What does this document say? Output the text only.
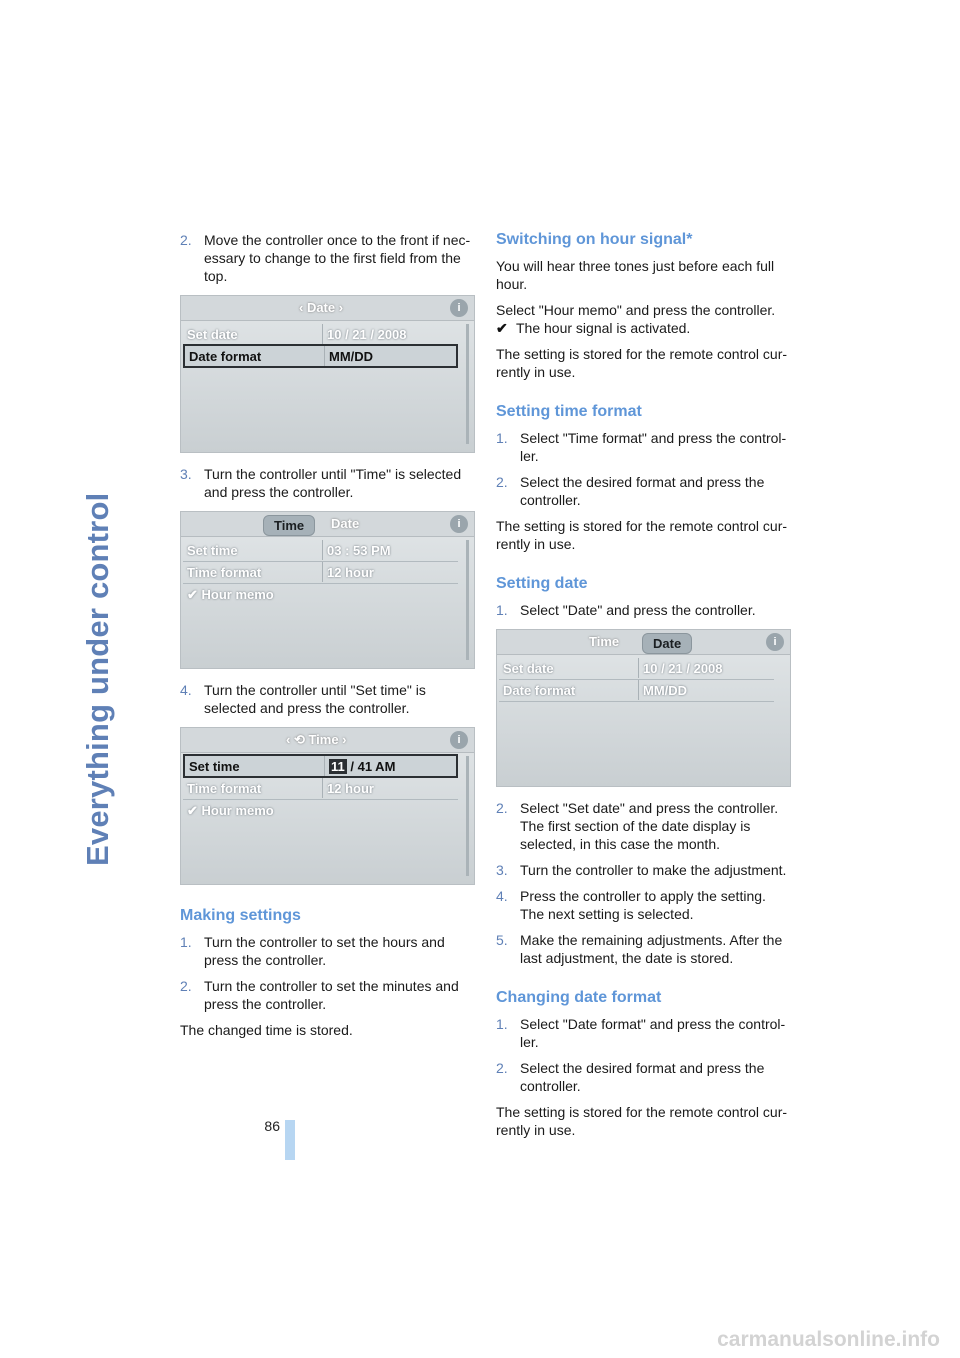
Everything under control
86
2. Move the controller once to the front if nec-essary to change to the first field from the top.
‹ Date ›	i
Set date	10 / 21 / 2008
Date format	MM/DD
3. Turn the controller until "Time" is selected and press the controller.
Time	Date	i
Set time	03 : 53 PM
Time format	12 hour
✔ Hour memo
4. Turn the controller until "Set time" is selected and press the controller.
‹ ⟲ Time ›	i
Set time	11 / 41 AM
Time format	12 hour
✔ Hour memo
Making settings
1. Turn the controller to set the hours and press the controller.
2. Turn the controller to set the minutes and press the controller.

The changed time is stored.

Switching on hour signal*

You will hear three tones just before each full hour.

Select "Hour memo" and press the controller.

✔ The hour signal is activated.

The setting is stored for the remote control cur-rently in use.

Setting time format
1. Select "Time format" and press the control-ler.
2. Select the desired format and press the controller.

The setting is stored for the remote control cur-rently in use.

Setting date
1. Select "Date" and press the controller.
Time	Date	i
Set date	10 / 21 / 2008
Date format	MM/DD
2. Select "Set date" and press the controller. The first section of the date display is selected, in this case the month.
3. Turn the controller to make the adjustment.
4. Press the controller to apply the setting. The next setting is selected.
5. Make the remaining adjustments. After the last adjustment, the date is stored.
Changing date format
1. Select "Date format" and press the control-ler.
2. Select the desired format and press the controller.

The setting is stored for the remote control cur-rently in use.

carmanualsonline.info
